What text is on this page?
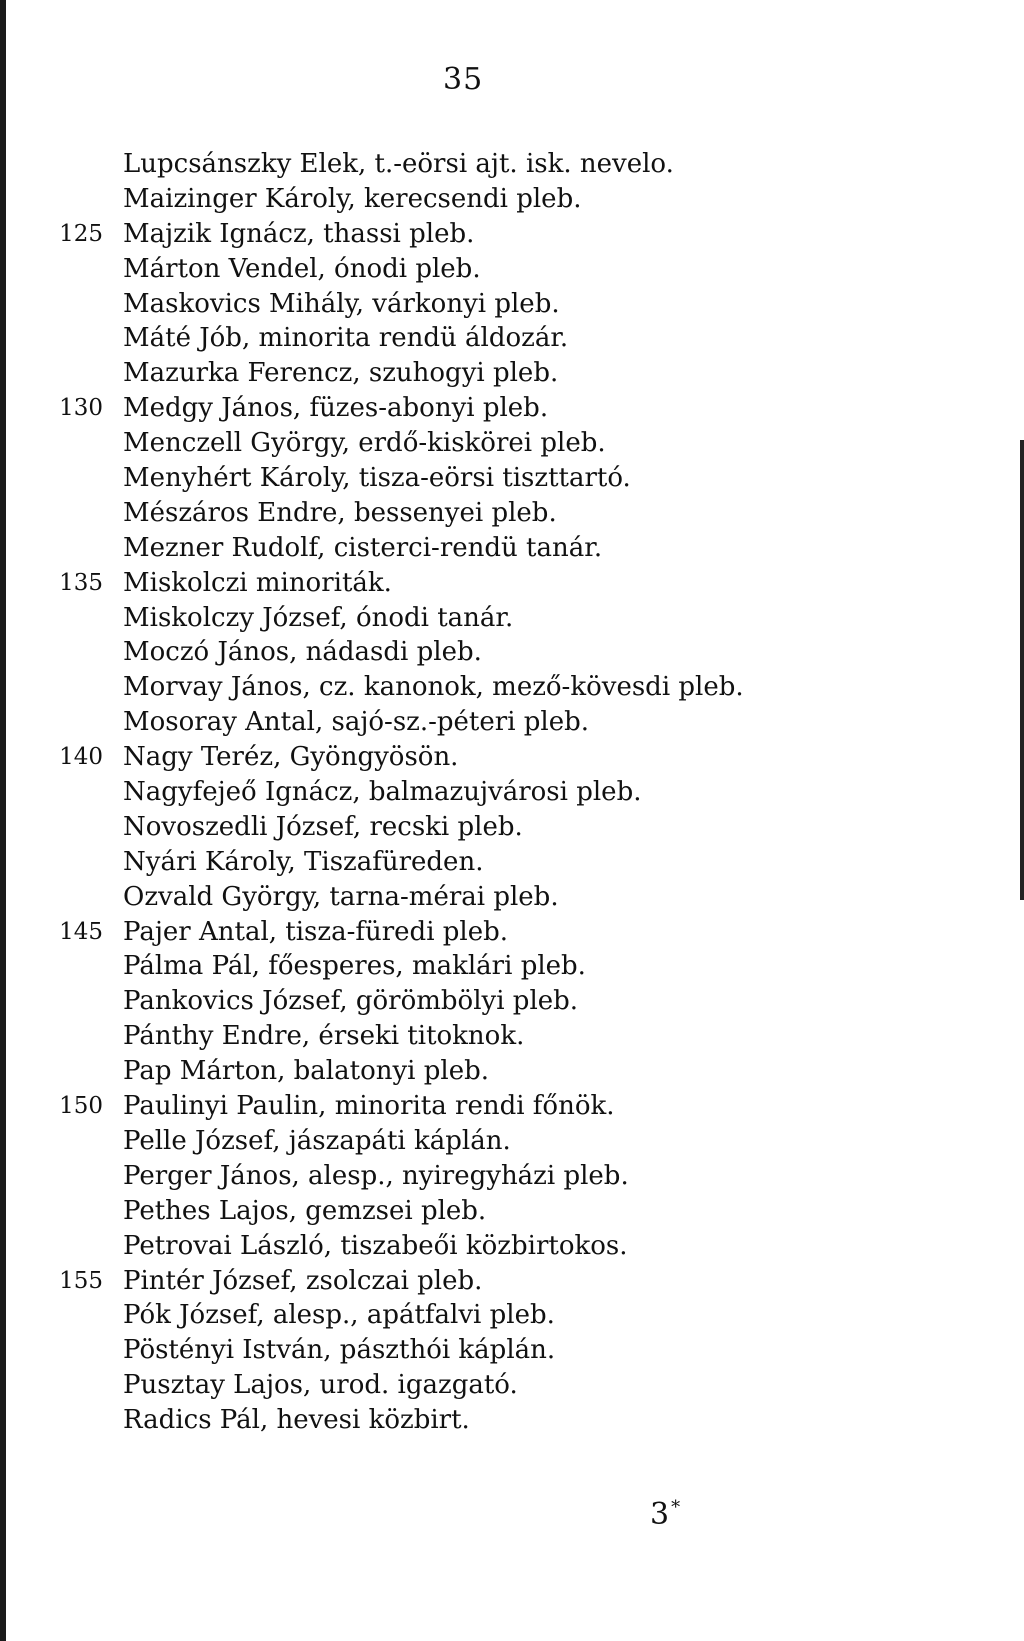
35
Lupcsánszky Elek, t.-eörsi ajt. isk. nevelo.
Maizinger Károly, kerecsendi pleb.
125 Majzik Ignácz, thassi pleb.
Márton Vendel, ónodi pleb.
Maskovics Mihály, várkonyi pleb.
Máté Jób, minorita rendü áldozár.
Mazurka Ferencz, szuhogyi pleb.
130 Medgy János, füzes-abonyi pleb.
Menczell György, erdő-kiskörei pleb.
Menyhért Károly, tisza-eörsi tiszttartó.
Mészáros Endre, bessenyei pleb.
Mezner Rudolf, cisterci-rendü tanár.
135 Miskolczi minoriták.
Miskolczy József, ónodi tanár.
Moczó János, nádasdi pleb.
Morvay János, cz. kanonok, mező-kövesdi pleb.
Mosoray Antal, sajó-sz.-péteri pleb.
140 Nagy Teréz, Gyöngyösön.
Nagyfejeő Ignácz, balmazujvárosi pleb.
Novoszedli József, recski pleb.
Nyári Károly, Tiszafüreden.
Ozvald György, tarna-mérai pleb.
145 Pajer Antal, tisza-füredi pleb.
Pálma Pál, főesperes, maklári pleb.
Pankovics József, görömbölyi pleb.
Pánthy Endre, érseki titoknok.
Pap Márton, balatonyi pleb.
150 Paulinyi Paulin, minorita rendi főnök.
Pelle József, jászapáti káplán.
Perger János, alesp., nyiregyházi pleb.
Pethes Lajos, gemzsei pleb.
Petrovai László, tiszabeői közbirtokos.
155 Pintér József, zsolczai pleb.
Pók József, alesp., apátfalvi pleb.
Pöstényi István, pászthói káplán.
Pusztay Lajos, urod. igazgató.
Radics Pál, hevesi közbirt.
3 *
